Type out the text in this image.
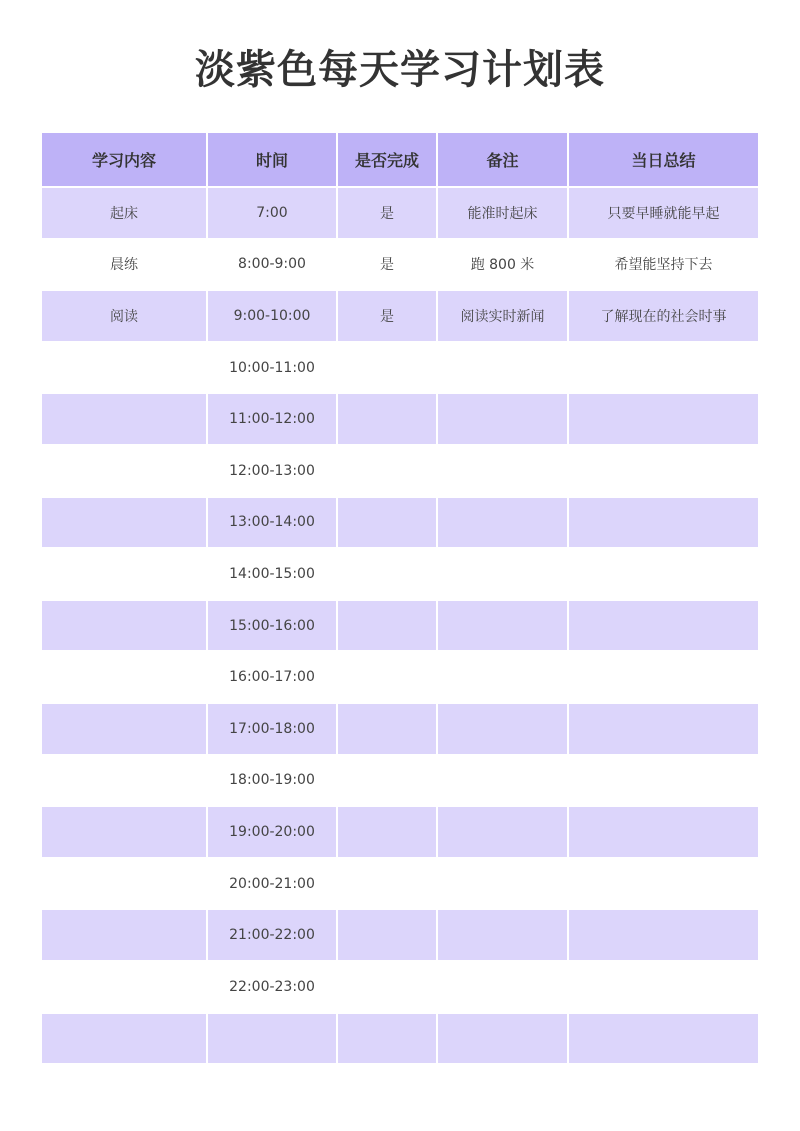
淡紫色每天学习计划表
学习内容	时间	是否完成	备注	当日总结
起床	7:00	是	能准时起床	只要早睡就能早起
晨练	8:00-9:00	是	跑 800 米	希望能坚持下去
阅读	9:00-10:00	是	阅读实时新闻	了解现在的社会时事
	10:00-11:00			
	11:00-12:00			
	12:00-13:00			
	13:00-14:00			
	14:00-15:00			
	15:00-16:00			
	16:00-17:00			
	17:00-18:00			
	18:00-19:00			
	19:00-20:00			
	20:00-21:00			
	21:00-22:00			
	22:00-23:00			
